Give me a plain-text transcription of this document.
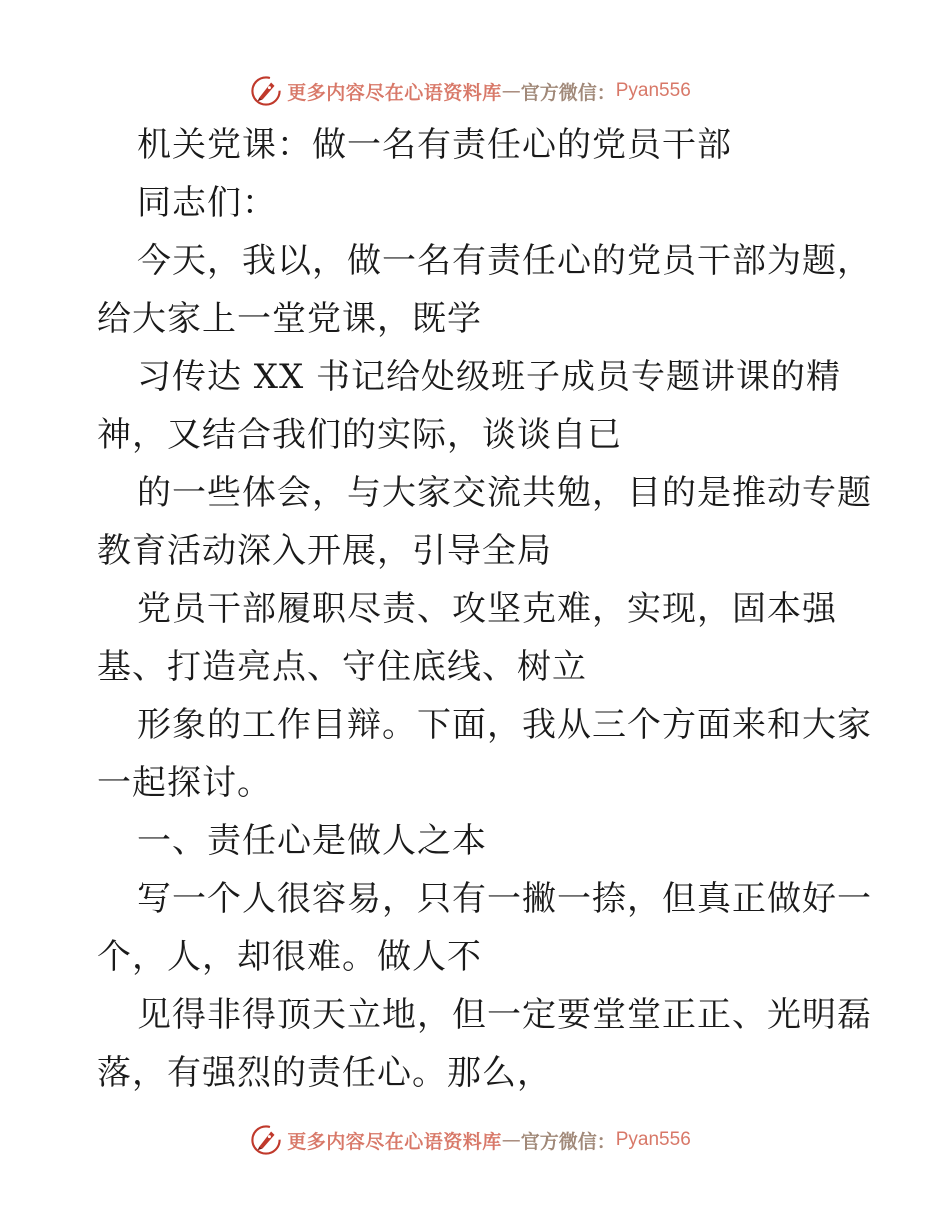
更多内容尽在心语资料库 — 官方微信： Pyan556
机关党课：做一名有责任心的党员干部
同志们：
今天，我以，做一名有责任心的党员干部为题，
给大家上一堂党课，既学
习传达 XX 书记给处级班子成员专题讲课的精
神，又结合我们的实际，谈谈自已
的一些体会，与大家交流共勉，目的是推动专题
教育活动深入开展，引导全局
党员干部履职尽责、攻坚克难，实现，固本强
基、打造亮点、守住底线、树立
形象的工作目辩。下面，我从三个方面来和大家
一起探讨。
一、责任心是做人之本
写一个人很容易，只有一撇一捺，但真正做好一
个，人，却很难。做人不
见得非得顶天立地，但一定要堂堂正正、光明磊
落，有强烈的责任心。那么，
更多内容尽在心语资料库 — 官方微信： Pyan556
